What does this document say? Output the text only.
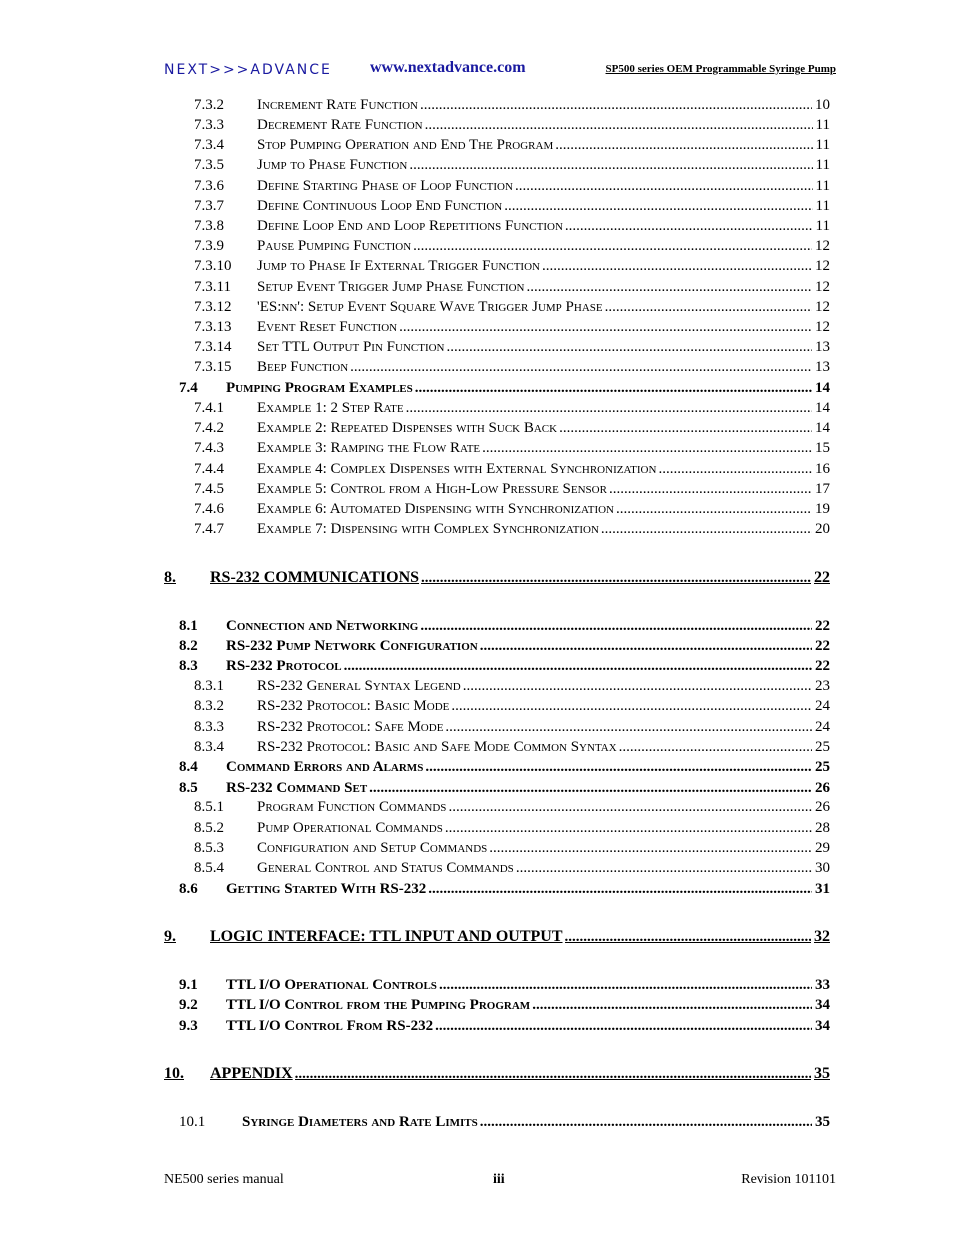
NEXT>>>ADVANCE www.nextadvance.com	SP500 series OEM Programmable Syringe Pump
7.3.2 Increment Rate Function	10
.....
7.3.3 Decrement Rate Function	11
.....
7.3.4 Stop Pumping Operation and End The Program	11
.....
7.3.5 Jump to Phase Function	11
.....
7.3.6 Define Starting Phase of Loop Function	11
.....
7.3.7 Define Continuous Loop End Function	11
.....
7.3.8 Define Loop End and Loop Repetitions Function	11
.....
7.3.9 Pause Pumping Function	12
.....
7.3.10 Jump to Phase If External Trigger Function	12
.....
7.3.11 Setup Event Trigger Jump Phase Function	12
.....
7.3.12 'ES:nn': Setup Event Square Wave Trigger Jump Phase	12
.....
7.3.13 Event Reset Function	12
.....
7.3.14 Set TTL Output Pin Function	13
.....
7.3.15 Beep Function	13
.....
7.4 Pumping Program Examples	14
.....
7.4.1 Example 1: 2 Step Rate	14
.....
7.4.2 Example 2: Repeated Dispenses with Suck Back	14
.....
7.4.3 Example 3: Ramping the Flow Rate	15
.....
7.4.4 Example 4: Complex Dispenses with External Synchronization	16
.....
7.4.5 Example 5: Control from a High-Low Pressure Sensor	17
.....
7.4.6 Example 6: Automated Dispensing with Synchronization	19
.....
7.4.7 Example 7: Dispensing with Complex Synchronization	20
.....
8. RS-232 COMMUNICATIONS	22
.....
8.1 Connection and Networking	22
.....
8.2 RS-232 Pump Network Configuration	22
.....
8.3 RS-232 Protocol	22
.....
8.3.1 RS-232 General Syntax Legend	23
.....
8.3.2 RS-232 Protocol: Basic Mode	24
.....
8.3.3 RS-232 Protocol: Safe Mode	24
.....
8.3.4 RS-232 Protocol: Basic and Safe Mode Common Syntax	25
.....
8.4 Command Errors and Alarms	25
.....
8.5 RS-232 Command Set	26
.....
8.5.1 Program Function Commands	26
.....
8.5.2 Pump Operational Commands	28
.....
8.5.3 Configuration and Setup Commands	29
.....
8.5.4 General Control and Status Commands	30
.....
8.6 Getting Started With RS-232	31
.....
9. LOGIC INTERFACE: TTL INPUT AND OUTPUT	32
.....
9.1 TTL I/O Operational Controls	33
.....
9.2 TTL I/O Control from the Pumping Program	34
.....
9.3 TTL I/O Control From RS-232	34
.....
10. APPENDIX	35
.....
10.1 Syringe Diameters and Rate Limits	35
.....
NE500 series manual	iii	Revision 101101
